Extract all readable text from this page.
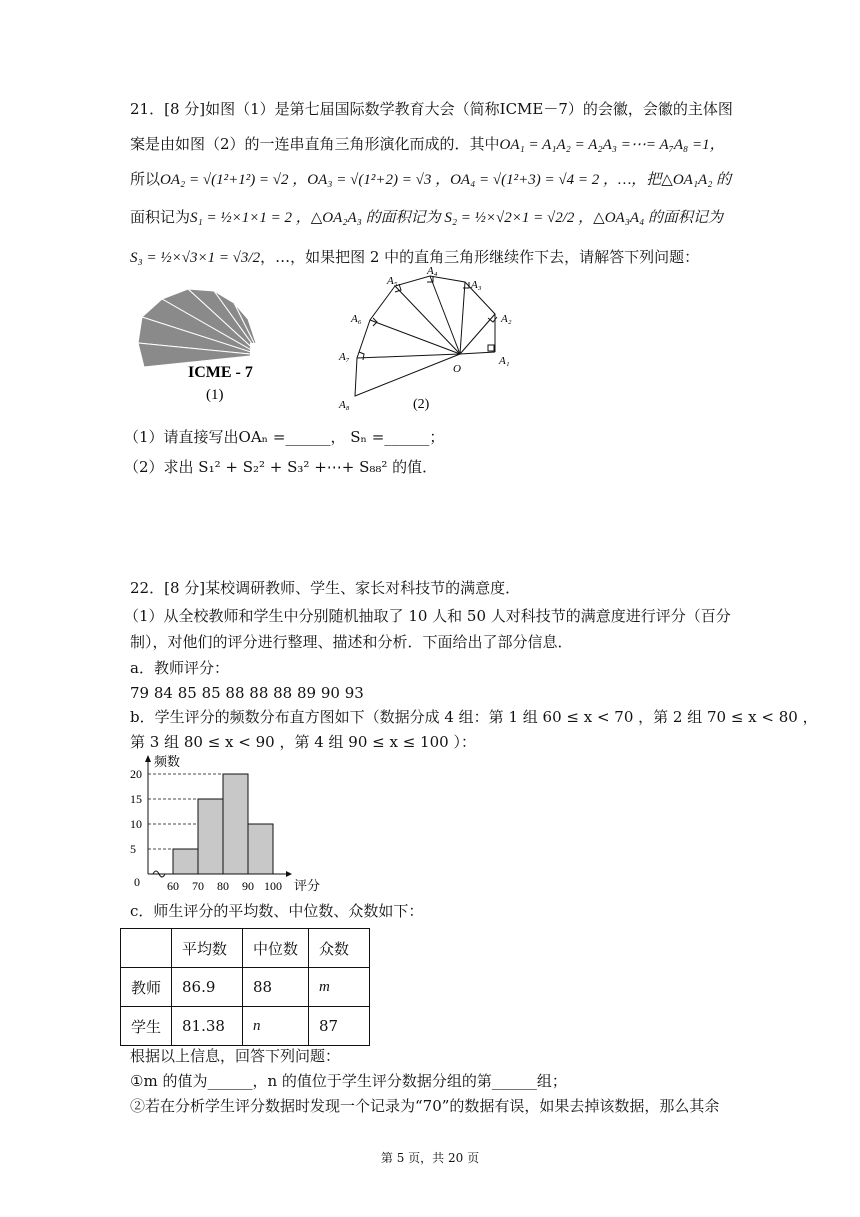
21．[8 分]如图（1）是第七届国际数学教育大会（简称ICME－7）的会徽，会徽的主体图
案是由如图（2）的一连串直角三角形演化而成的．其中OA₁ = A₁A₂ = A₂A₃ =⋯= A₇A₈ =1，
所以OA₂ = √(1²+1²) = √2 ，OA₃ = √(1²+2) = √3 ，OA₄ = √(1²+3) = √4 = 2 ，…，把△OA₁A₂ 的
面积记为S₁ = ½×1×1 = 2 ，△OA₂A₃ 的面积记为 S₂ = ½×√2×1 = √2/2 ，△OA₃A₄ 的面积记为
S₃ = ½×√3×1 = √3/2，…，如果把图 2 中的直角三角形继续作下去，请解答下列问题：
ICME - 7
(1)
A₁
A₂
A₃
A₄
A₅
A₆
A₇
A₈
O
(2)
（1）请直接写出OAₙ =______， Sₙ =______；
（2）求出 S₁² + S₂² + S₃² +⋯+ S₈₈² 的值．
22．[8 分]某校调研教师、学生、家长对科技节的满意度．
（1）从全校教师和学生中分别随机抽取了 10 人和 50 人对科技节的满意度进行评分（百分
制），对他们的评分进行整理、描述和分析．下面给出了部分信息．
a．教师评分：
79 84 85 85 88 88 88 89 90 93
b．学生评分的频数分布直方图如下（数据分成 4 组：第 1 组 60 ≤ x < 70 ，第 2 组 70 ≤ x < 80 ，
第 3 组 80 ≤ x < 90 ，第 4 组 90 ≤ x ≤ 100 ）：
5
10
15
20
60 70 80 90 100
0
频数
评分
c．师生评分的平均数、中位数、众数如下：
	平均数	中位数	众数
教师	86.9	88	m
学生	81.38	n	87
根据以上信息，回答下列问题：
①m 的值为______，n 的值位于学生评分数据分组的第______组；
②若在分析学生评分数据时发现一个记录为“70”的数据有误，如果去掉该数据，那么其余
第 5 页，共 20 页
